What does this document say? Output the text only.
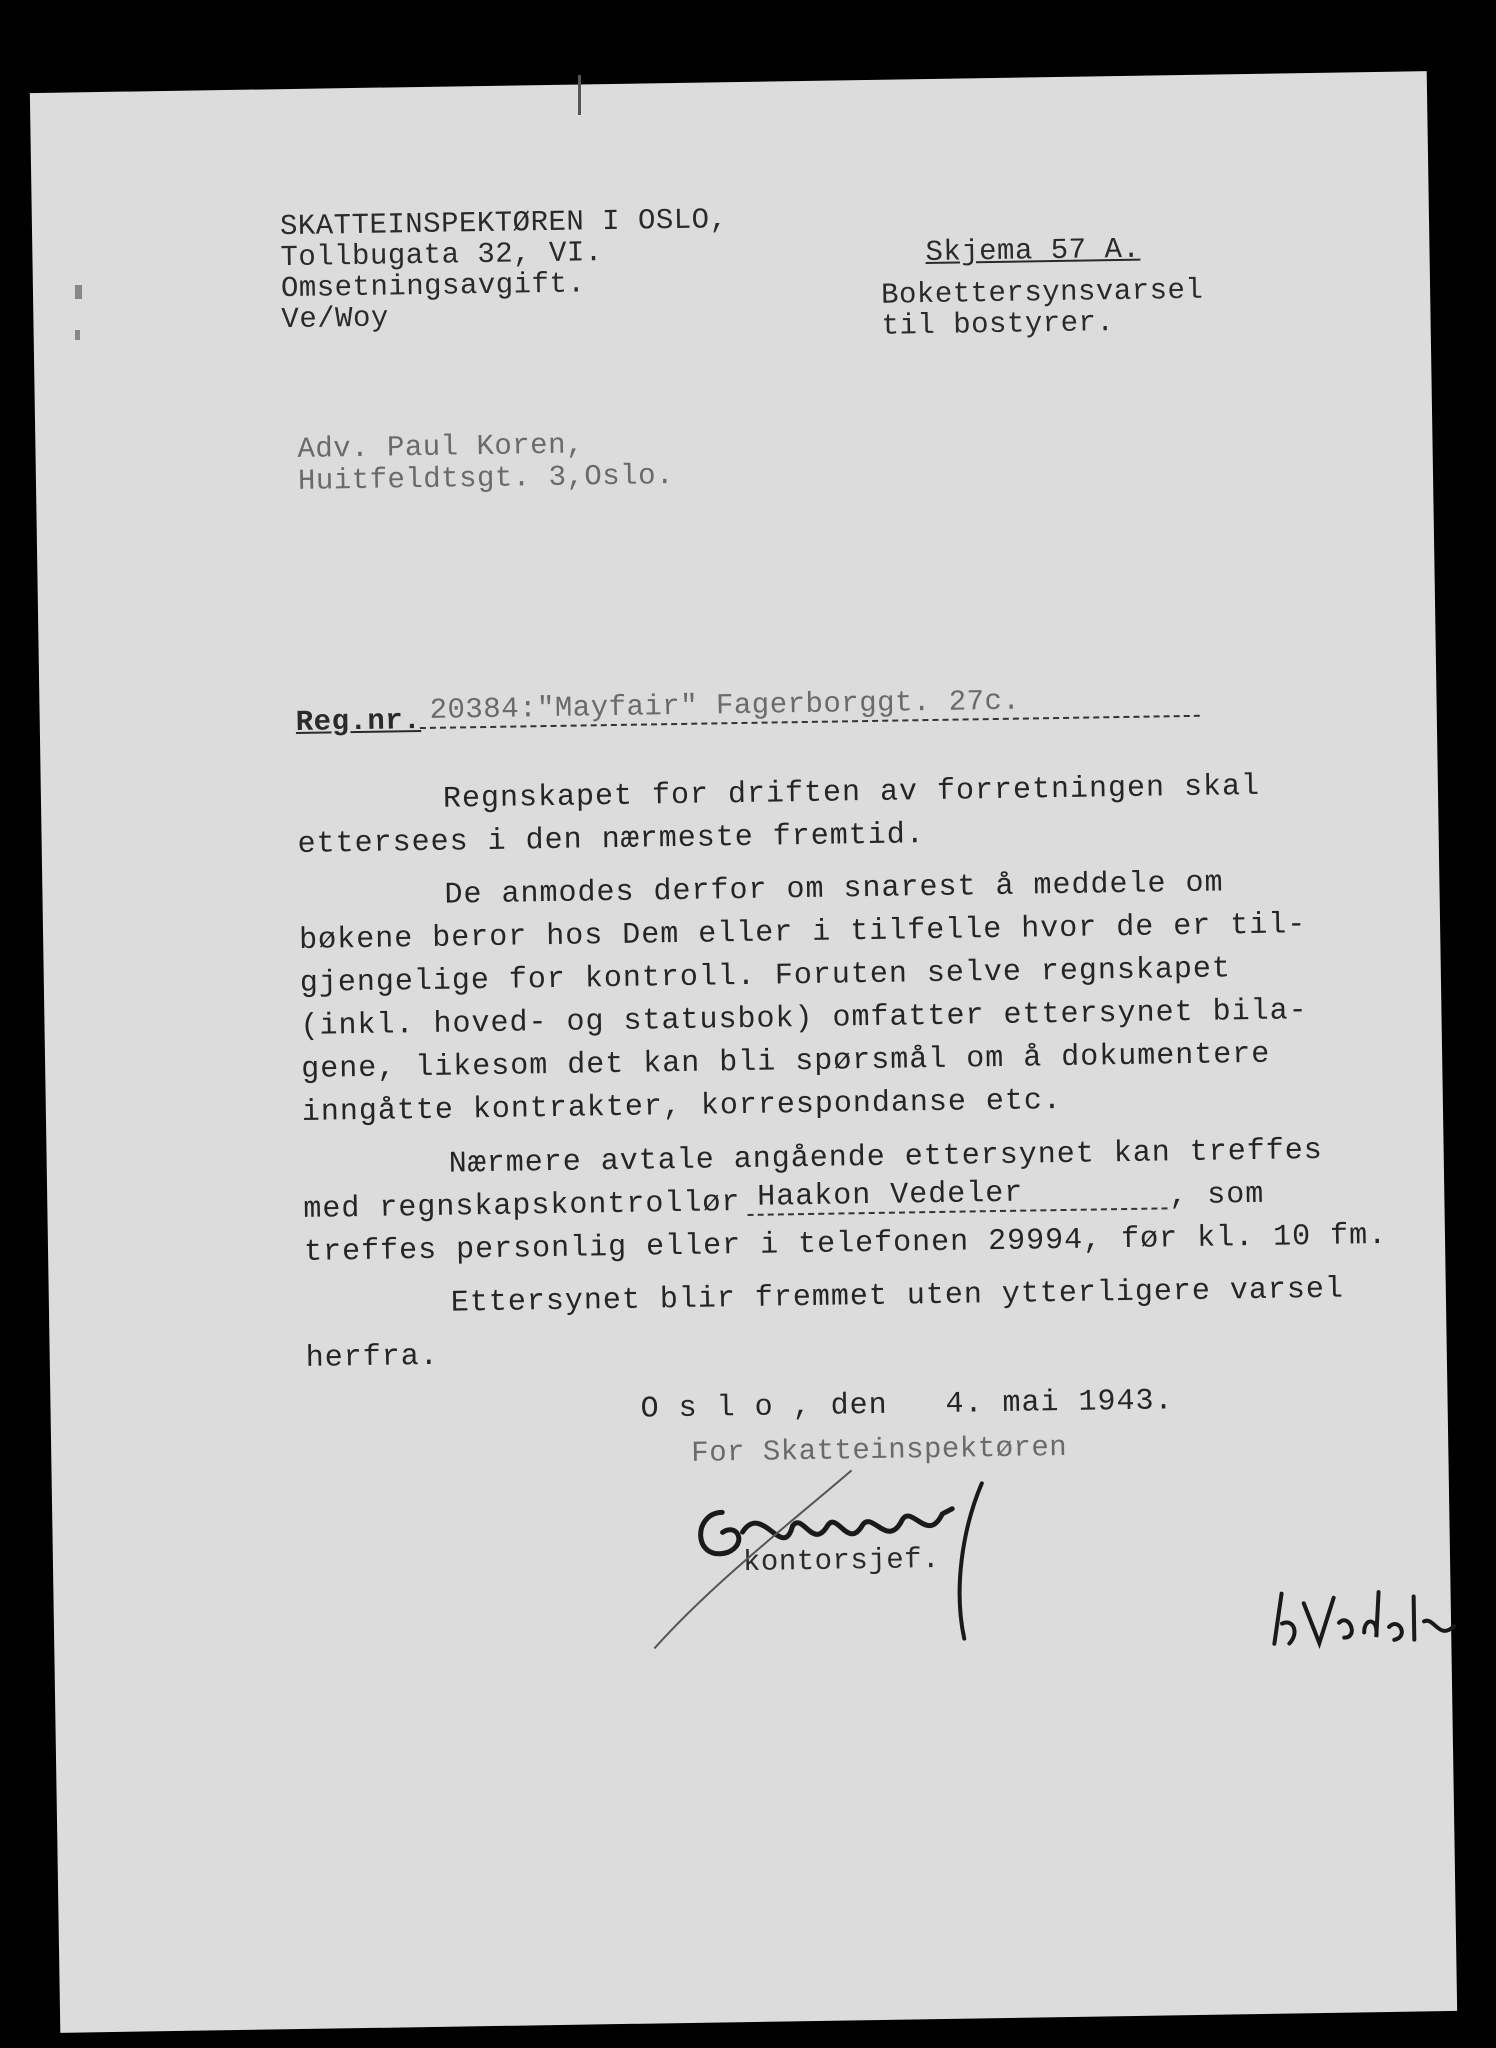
SKATTEINSPEKTØREN I OSLO,
Tollbugata 32, VI.
Omsetningsavgift.
Ve/Woy
Skjema 57 A.
Bokettersynsvarsel
til bostyrer.
Adv. Paul Koren,
Huitfeldtsgt. 3,Oslo.
Reg.nr. 20384:"Mayfair" Fagerborggt. 27c.
Regnskapet for driften av forretningen skal
ettersees i den nærmeste fremtid.
De anmodes derfor om snarest å meddele om
bøkene beror hos Dem eller i tilfelle hvor de er til-
gjengelige for kontroll. Foruten selve regnskapet
(inkl. hoved- og statusbok) omfatter ettersynet bila-
gene, likesom det kan bli spørsmål om å dokumentere
inngåtte kontrakter, korrespondanse etc.
Nærmere avtale angående ettersynet kan treffes
med regnskapskontrollør Haakon Vedeler	, som
treffes personlig eller i telefonen 29994, før kl. 10 fm.
Ettersynet blir fremmet uten ytterligere varsel
herfra.
O s l o , den 4. mai 1943.
For Skatteinspektøren
kontorsjef.
